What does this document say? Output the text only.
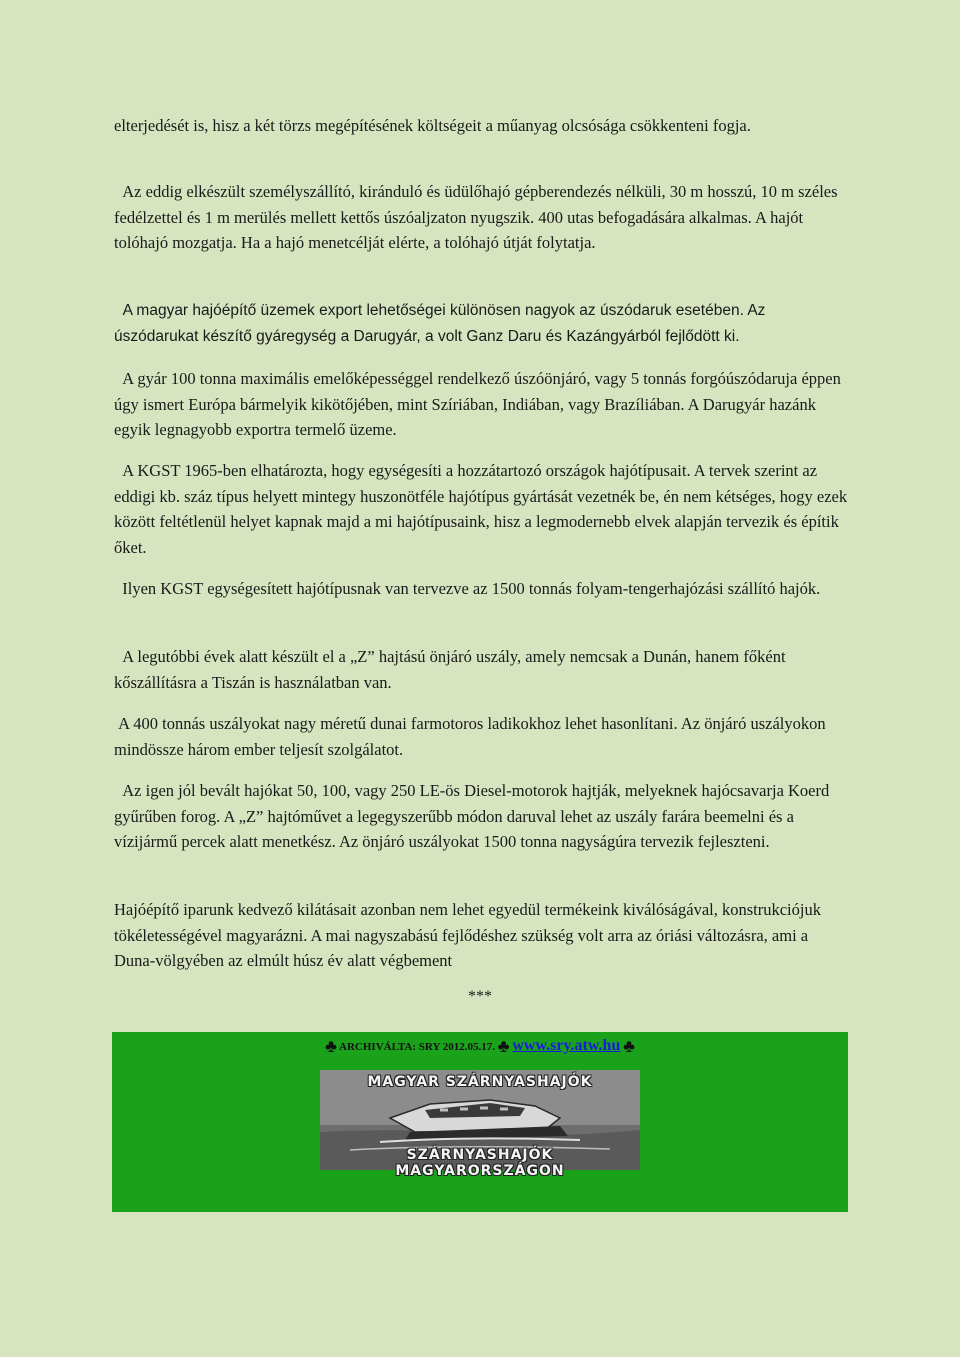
elterjedését is, hisz a két törzs megépítésének költségeit a műanyag olcsósága csökkenteni fogja.

Az eddig elkészült személyszállító, kiránduló és üdülőhajó gépberendezés nélküli, 30 m hosszú, 10 m széles fedélzettel és 1 m merülés mellett kettős úszóaljzaton nyugszik. 400 utas befogadására alkalmas. A hajót tolóhajó mozgatja. Ha a hajó menetcélját elérte, a tolóhajó útját folytatja.

A magyar hajóépítő üzemek export lehetőségei különösen nagyok az úszódaruk esetében. Az úszódarukat készítő gyáregység a Darugyár, a volt Ganz Daru és Kazángyárból fejlődött ki.

A gyár 100 tonna maximális emelőképességgel rendelkező úszóönjáró, vagy 5 tonnás forgóúszódaruja éppen úgy ismert Európa bármelyik kikötőjében, mint Szíriában, Indiában, vagy Brazíliában. A Darugyár hazánk egyik legnagyobb exportra termelő üzeme.

A KGST 1965-ben elhatározta, hogy egységesíti a hozzátartozó országok hajótípusait. A tervek szerint az eddigi kb. száz típus helyett mintegy huszonötféle hajótípus gyártását vezetnék be, én nem kétséges, hogy ezek között feltétlenül helyet kapnak majd a mi hajótípusaink, hisz a legmodernebb elvek alapján tervezik és építik őket.

Ilyen KGST egységesített hajótípusnak van tervezve az 1500 tonnás folyam-tengerhajózási szállító hajók.

A legutóbbi évek alatt készült el a „Z” hajtású önjáró uszály, amely nemcsak a Dunán, hanem főként kőszállításra a Tiszán is használatban van.

A 400 tonnás uszályokat nagy méretű dunai farmotoros ladikokhoz lehet hasonlítani. Az önjáró uszályokon mindössze három ember teljesít szolgálatot.

Az igen jól bevált hajókat 50, 100, vagy 250 LE-ös Diesel-motorok hajtják, melyeknek hajócsavarja Koerd gyűrűben forog. A „Z” hajtóművet a legegyszerűbb módon daruval lehet az uszály farára beemelni és a vízijármű percek alatt menetkész. Az önjáró uszályokat 1500 tonna nagyságúra tervezik fejleszteni.

Hajóépítő iparunk kedvező kilátásait azonban nem lehet egyedül termékeink kiválóságával, konstrukciójuk tökéletességével magyarázni. A mai nagyszabású fejlődéshez szükség volt arra az óriási változásra, ami a Duna-völgyében az elmúlt húsz év alatt végbement

***
♣ ARCHIVÁLTA: SRY 2012.05.17. ♣ www.sry.atw.hu ♣
MAGYAR SZÁRNYASHAJÓK
SZÁRNYASHAJÓK MAGYARORSZÁGON
